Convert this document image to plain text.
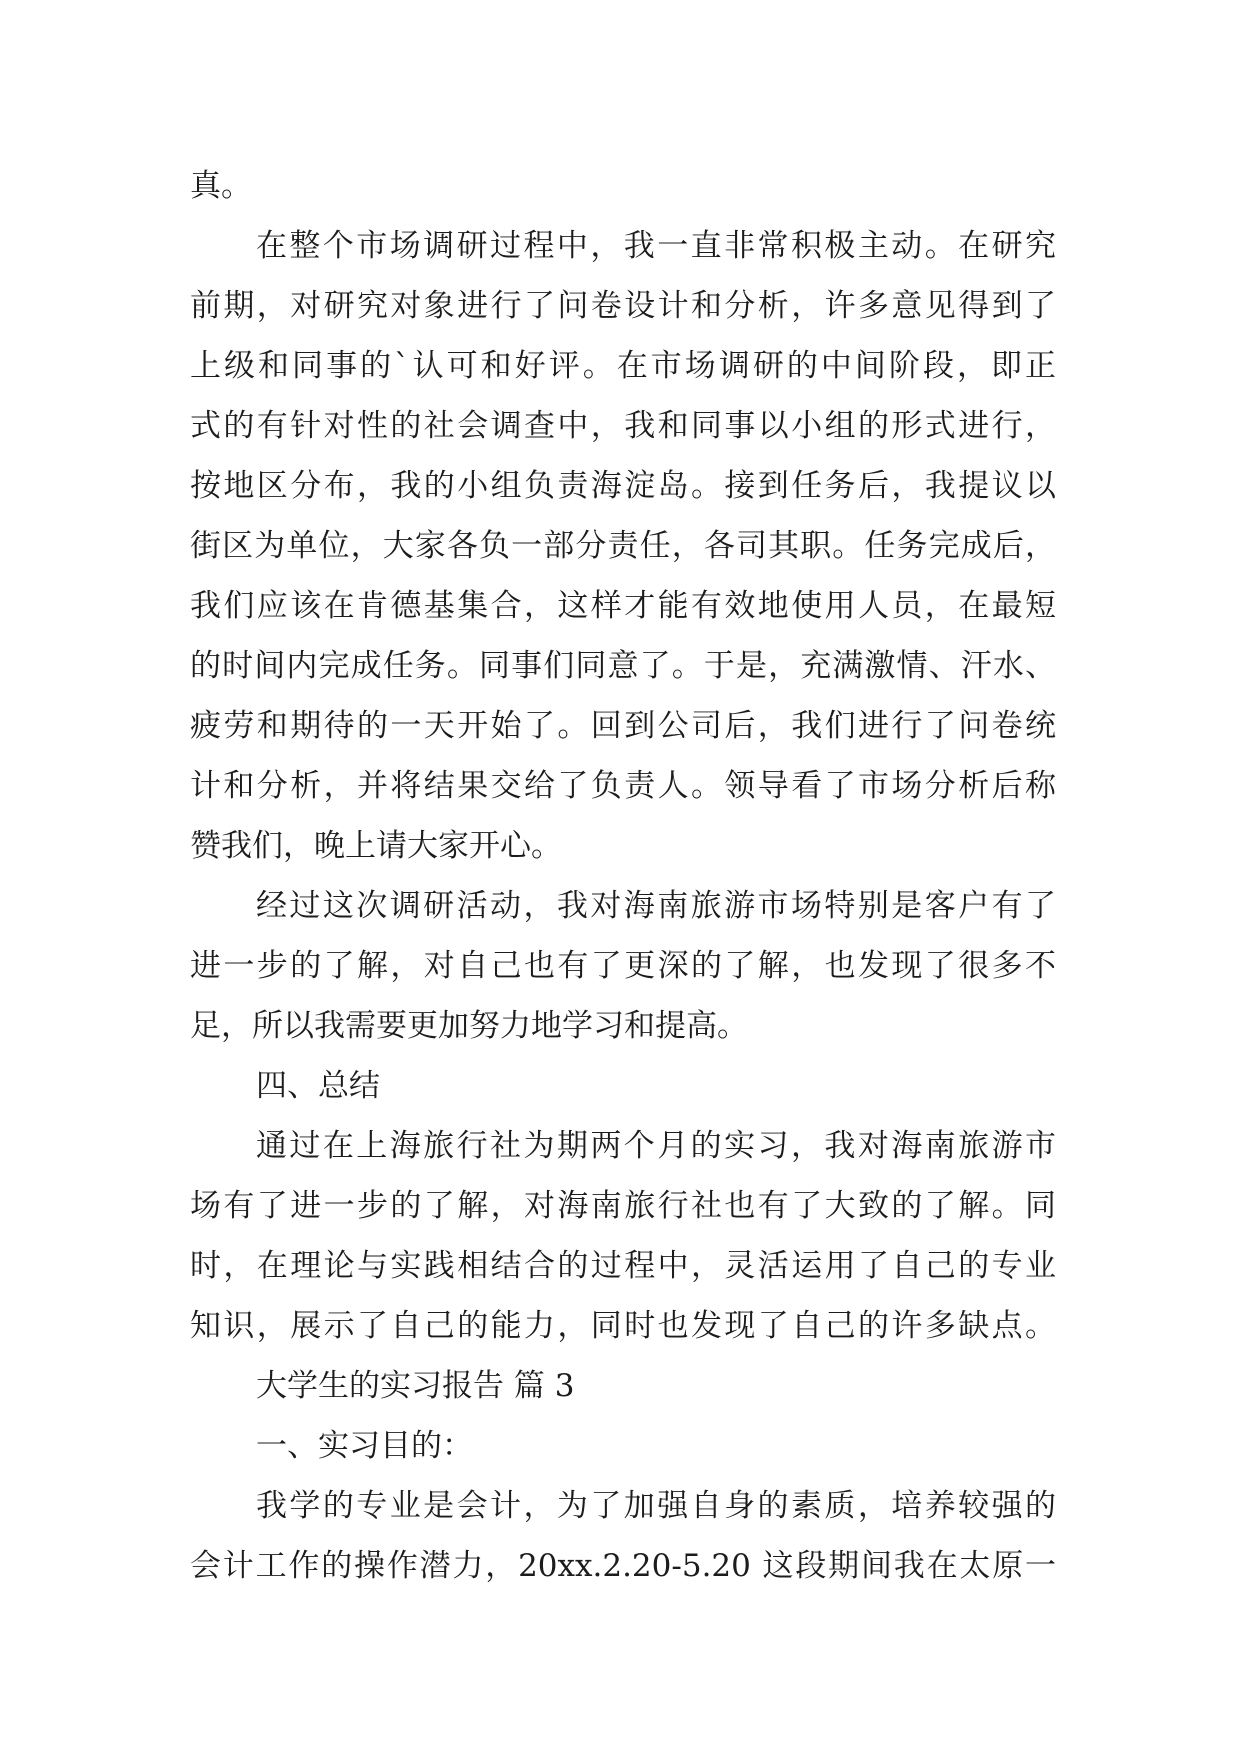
真。
在整个市场调研过程中，我一直非常积极主动。在研究
前期，对研究对象进行了问卷设计和分析，许多意见得到了
上级和同事的`认可和好评。在市场调研的中间阶段，即正
式的有针对性的社会调查中，我和同事以小组的形式进行，
按地区分布，我的小组负责海淀岛。接到任务后，我提议以
街区为单位，大家各负一部分责任，各司其职。任务完成后，
我们应该在肯德基集合，这样才能有效地使用人员，在最短
的时间内完成任务。同事们同意了。于是，充满激情、汗水、
疲劳和期待的一天开始了。回到公司后，我们进行了问卷统
计和分析，并将结果交给了负责人。领导看了市场分析后称
赞我们，晚上请大家开心。
经过这次调研活动，我对海南旅游市场特别是客户有了
进一步的了解，对自己也有了更深的了解，也发现了很多不
足，所以我需要更加努力地学习和提高。
四、总结
通过在上海旅行社为期两个月的实习，我对海南旅游市
场有了进一步的了解，对海南旅行社也有了大致的了解。同
时，在理论与实践相结合的过程中，灵活运用了自己的专业
知识，展示了自己的能力，同时也发现了自己的许多缺点。
大学生的实习报告 篇 3
一、实习目的：
我学的专业是会计，为了加强自身的素质，培养较强的
会计工作的操作潜力，20xx.2.20-5.20 这段期间我在太原一
